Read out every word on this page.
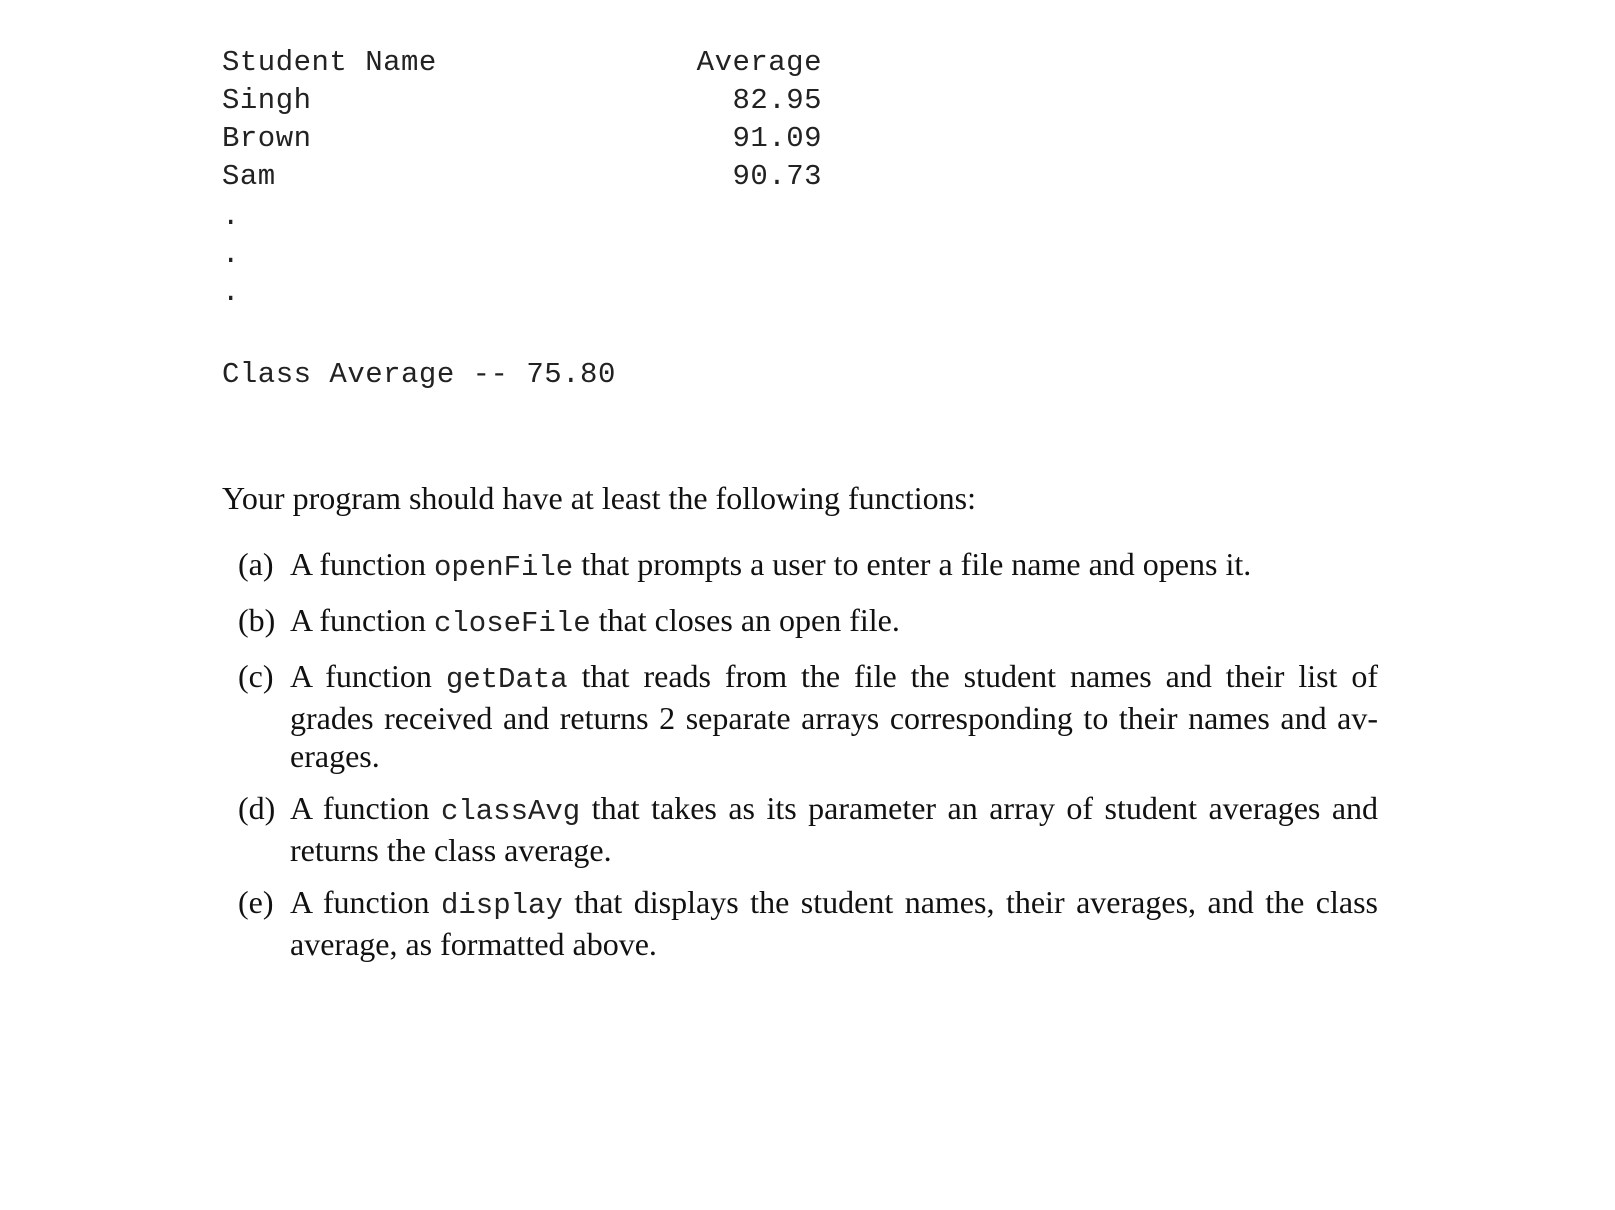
Student Name	Average
Singh	82.95
Brown	91.09
Sam	90.73
.
.
.
Class Average -- 75.80
Your program should have at least the following functions:
(a) A function openFile that prompts a user to enter a file name and opens it.
(b) A function closeFile that closes an open file.
(c) A function getData that reads from the file the student names and their list of grades received and returns 2 separate arrays corresponding to their names and av- erages.
(d) A function classAvg that takes as its parameter an array of student averages and returns the class average.
(e) A function display that displays the student names, their averages, and the class average, as formatted above.
